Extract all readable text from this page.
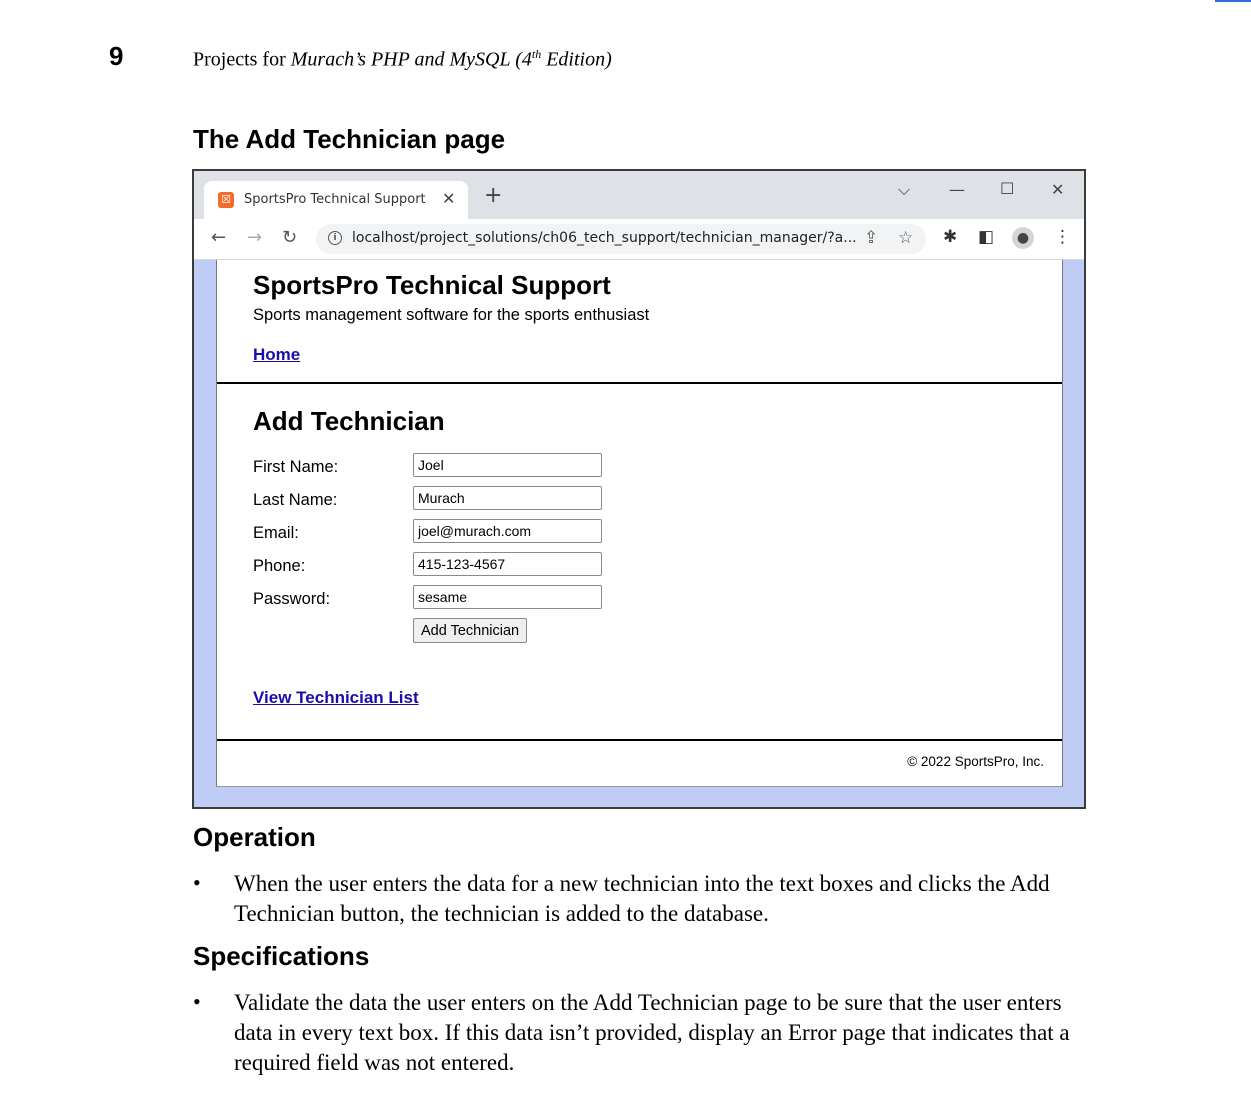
9	Projects for Murach’s PHP and MySQL (4th Edition)
The Add Technician page
☒ SportsPro Technical Support ✕ +	⌵ — ☐ ✕
← → ↻	i	localhost/project_solutions/ch06_tech_support/technician_manager/?a... ⇪ ☆ ✱ ◧	● ⋮
SportsPro Technical Support
Sports management software for the sports enthusiast
Home
Add Technician
First Name:
Joel
Last Name:
Murach
Email:
joel@murach.com
Phone:
415-123-4567
Password:
sesame
Add Technician
View Technician List
© 2022 SportsPro, Inc.
Operation
• When the user enters the data for a new technician into the text boxes and clicks the Add Technician button, the technician is added to the database.

Specifications
• Validate the data the user enters on the Add Technician page to be sure that the user enters data in every text box. If this data isn’t provided, display an Error page that indicates that a required field was not entered.
